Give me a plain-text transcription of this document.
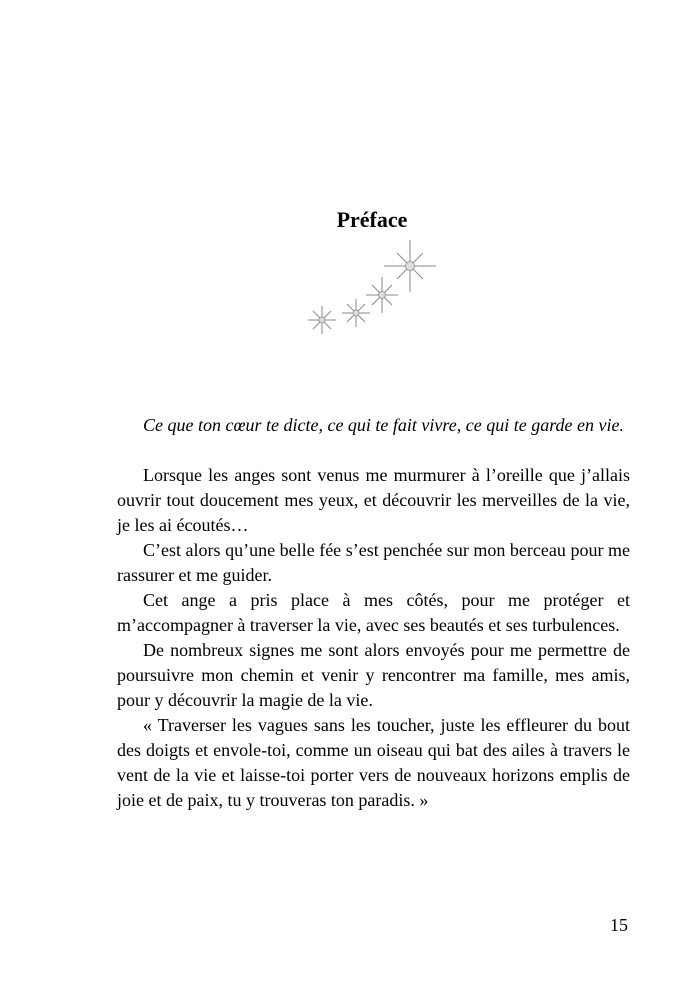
Préface

Ce que ton cœur te dicte, ce qui te fait vivre, ce qui te garde en vie.

Lorsque les anges sont venus me murmurer à l’oreille que j’allais ouvrir tout doucement mes yeux, et découvrir les merveilles de la vie, je les ai écoutés…

C’est alors qu’une belle fée s’est penchée sur mon berceau pour me rassurer et me guider.

Cet ange a pris place à mes côtés, pour me protéger et m’accompagner à traverser la vie, avec ses beautés et ses turbulences.

De nombreux signes me sont alors envoyés pour me permettre de poursuivre mon chemin et venir y rencontrer ma famille, mes amis, pour y découvrir la magie de la vie.

« Traverser les vagues sans les toucher, juste les effleurer du bout des doigts et envole-toi, comme un oiseau qui bat des ailes à travers le vent de la vie et laisse-toi porter vers de nouveaux horizons emplis de joie et de paix, tu y trouveras ton paradis. »

15
